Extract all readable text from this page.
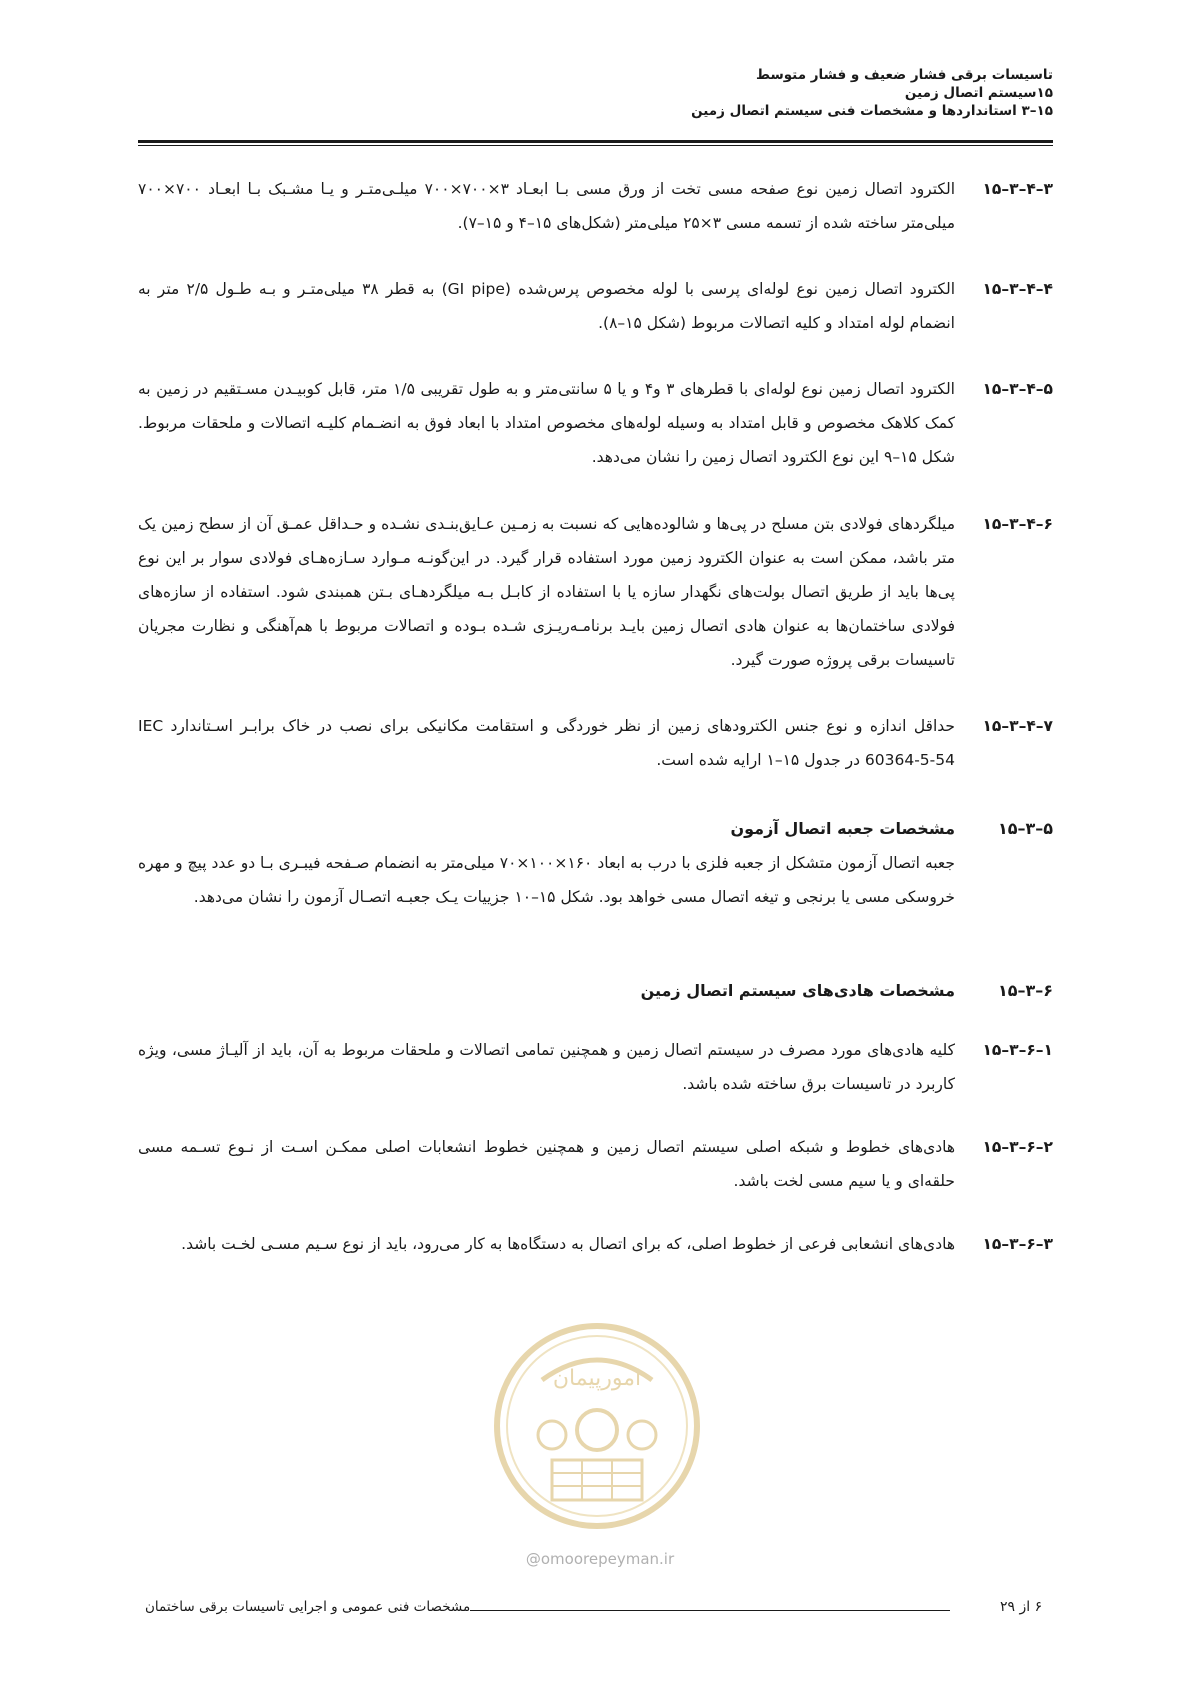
تاسیسات برقی فشار ضعیف و فشار متوسط
۱۵سیستم اتصال زمین
۱۵–۳ استانداردها و مشخصات فنی سیستم اتصال زمین
۱۵–۳–۴–۳
الکترود اتصال زمین نوع صفحه مسی تخت از ورق مسی بـا ابعـاد ۳×۷۰۰×۷۰۰ میلـی‌متـر و یـا مشـبک بـا ابعـاد ۷۰۰×۷۰۰ میلی‌متر ساخته شده از تسمه مسی ۳×۲۵ میلی‌متر (شکل‌های ۱۵–۴ و ۱۵–۷).
۱۵–۳–۴–۴
الکترود اتصال زمین نوع لوله‌ای پرسی با لوله مخصوص پرس‌شده (GI pipe) به قطر ۳۸ میلی‌متـر و بـه طـول ۲/۵ متر به انضمام لوله امتداد و کلیه اتصالات مربوط (شکل ۱۵–۸).
۱۵–۳–۴–۵
الکترود اتصال زمین نوع لوله‌ای با قطرهای ۳ و۴ و یا ۵ سانتی‌متر و به طول تقریبی ۱/۵ متر، قابل کوبیـدن مسـتقیم در زمین به کمک کلاهک مخصوص و قابل امتداد به وسیله لوله‌های مخصوص امتداد با ابعاد فوق به انضـمام کلیـه اتصالات و ملحقات مربوط. شکل ۱۵–۹ این نوع الکترود اتصال زمین را نشان می‌دهد.
۱۵–۳–۴–۶
میلگردهای فولادی بتن مسلح در پی‌ها و شالوده‌هایی که نسبت به زمـین عـایق‌بنـدی نشـده و حـداقل عمـق آن از سطح زمین یک متر باشد، ممکن است به عنوان الکترود زمین مورد استفاده قرار گیرد. در این‌گونـه مـوارد سـازه‌هـای فولادی سوار بر این نوع پی‌ها باید از طریق اتصال بولت‌های نگهدار سازه یا با استفاده از کابـل بـه میلگردهـای بـتن همبندی شود. استفاده از سازه‌های فولادی ساختمان‌ها به عنوان هادی اتصال زمین بایـد برنامـه‌ریـزی شـده بـوده و اتصالات مربوط با هم‌آهنگی و نظارت مجریان تاسیسات برقی پروژه صورت گیرد.
۱۵–۳–۴–۷
حداقل اندازه و نوع جنس الکترودهای زمین از نظر خوردگی و استقامت مکانیکی برای نصب در خاک برابـر اسـتاندارد IEC 60364-5-54 در جدول ۱۵–۱ ارایه شده است.
۱۵–۳–۵
مشخصات جعبه اتصال آزمون
جعبه اتصال آزمون متشکل از جعبه فلزی با درب به ابعاد ۱۶۰×۱۰۰×۷۰ میلی‌متر به انضمام صـفحه فیبـری بـا دو عدد پیچ و مهره خروسکی مسی یا برنجی و تیغه اتصال مسی خواهد بود. شکل ۱۵–۱۰ جزییات یـک جعبـه اتصـال آزمون را نشان می‌دهد.
۱۵–۳–۶
مشخصات هادی‌های سیستم اتصال زمین
۱۵–۳–۶–۱
کلیه هادی‌های مورد مصرف در سیستم اتصال زمین و همچنین تمامی اتصالات و ملحقات مربوط به آن، باید از آلیـاژ مسی، ویژه کاربرد در تاسیسات برق ساخته شده باشد.
۱۵–۳–۶–۲
هادی‌های خطوط و شبکه اصلی سیستم اتصال زمین و همچنین خطوط انشعابات اصلی ممکـن اسـت از نـوع تسـمه مسی حلقه‌ای و یا سیم مسی لخت باشد.
۱۵–۳–۶–۳
هادی‌های انشعابی فرعی از خطوط اصلی، که برای اتصال به دستگاه‌ها به کار می‌رود، باید از نوع سـیم مسـی لخـت باشد.
امورپیمان
@omoorepeyman.ir
مشخصات فنی عمومی و اجرایی تاسیسات برقی ساختمان	۶ از ۲۹
